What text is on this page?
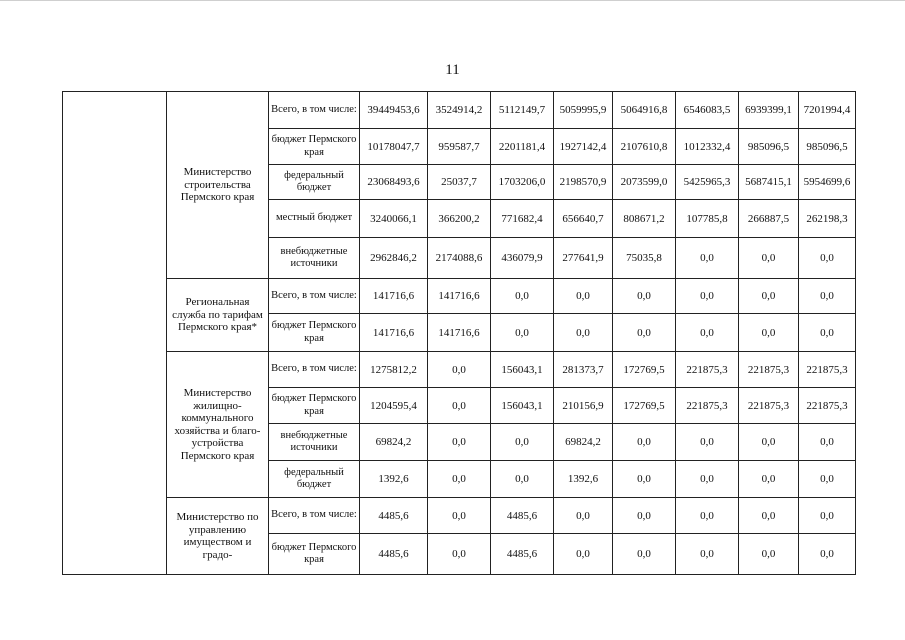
11
	Министерство строительства Пермского края	Всего, в том числе:	39449453,6	3524914,2	5112149,7	5059995,9	5064916,8	6546083,5	6939399,1	7201994,4
		бюджет Пермского края	10178047,7	959587,7	2201181,4	1927142,4	2107610,8	1012332,4	985096,5	985096,5
		федеральный бюджет	23068493,6	25037,7	1703206,0	2198570,9	2073599,0	5425965,3	5687415,1	5954699,6
		местный бюджет	3240066,1	366200,2	771682,4	656640,7	808671,2	107785,8	266887,5	262198,3
		внебюджетные источники	2962846,2	2174088,6	436079,9	277641,9	75035,8	0,0	0,0	0,0
	Региональная служба по тарифам Пермского края*	Всего, в том числе:	141716,6	141716,6	0,0	0,0	0,0	0,0	0,0	0,0
		бюджет Пермского края	141716,6	141716,6	0,0	0,0	0,0	0,0	0,0	0,0
	Министерство жилищно-коммунального хозяйства и благо-устройства Пермского края	Всего, в том числе:	1275812,2	0,0	156043,1	281373,7	172769,5	221875,3	221875,3	221875,3
		бюджет Пермского края	1204595,4	0,0	156043,1	210156,9	172769,5	221875,3	221875,3	221875,3
		внебюджетные источники	69824,2	0,0	0,0	69824,2	0,0	0,0	0,0	0,0
		федеральный бюджет	1392,6	0,0	0,0	1392,6	0,0	0,0	0,0	0,0
	Министерство по управлению имуществом и градо-	Всего, в том числе:	4485,6	0,0	4485,6	0,0	0,0	0,0	0,0	0,0
		бюджет Пермского края	4485,6	0,0	4485,6	0,0	0,0	0,0	0,0	0,0
